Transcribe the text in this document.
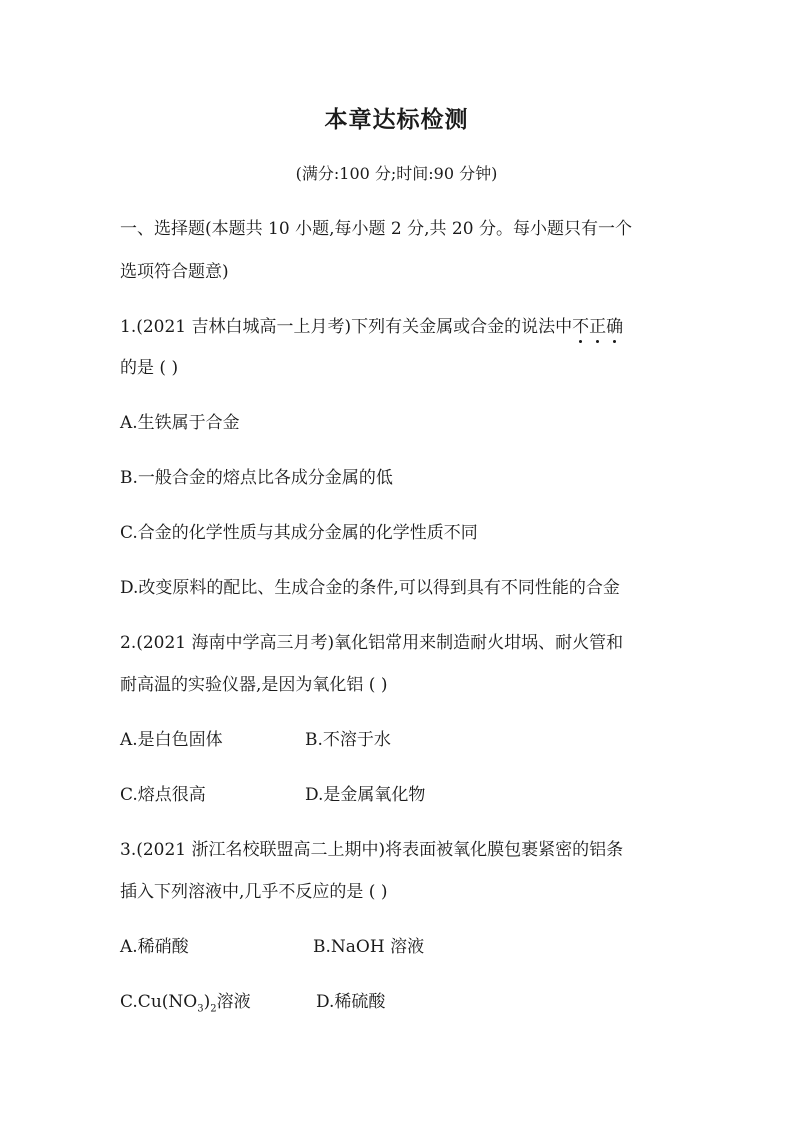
本章达标检测
(满分:100 分;时间:90 分钟)
一、选择题(本题共 10 小题,每小题 2 分,共 20 分。每小题只有一个
选项符合题意)
1.(2021 吉林白城高一上月考)下列有关金属或合金的说法中不正确
的是 ( )
A.生铁属于合金
B.一般合金的熔点比各成分金属的低
C.合金的化学性质与其成分金属的化学性质不同
D.改变原料的配比、生成合金的条件,可以得到具有不同性能的合金
2.(2021 海南中学高三月考)氧化铝常用来制造耐火坩埚、耐火管和
耐高温的实验仪器,是因为氧化铝 ( )
A.是白色固体	B.不溶于水
C.熔点很高	D.是金属氧化物
3.(2021 浙江名校联盟高二上期中)将表面被氧化膜包裹紧密的铝条
插入下列溶液中,几乎不反应的是 ( )
A.稀硝酸	B.NaOH 溶液
$C.Cu(NO_3)_2$溶液	D.稀硫酸
